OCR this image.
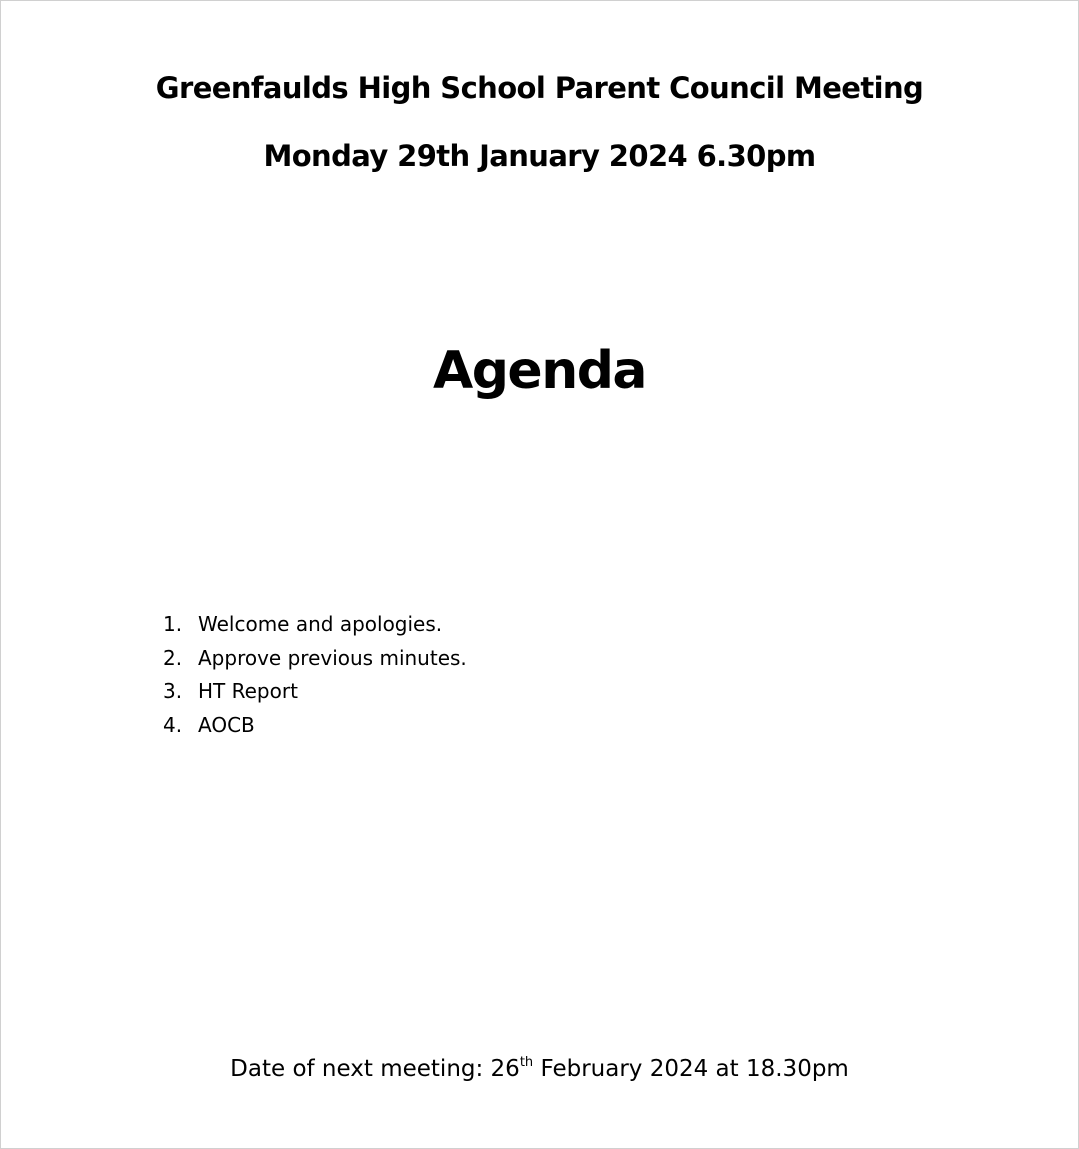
Greenfaulds High School Parent Council Meeting
Monday 29th January 2024 6.30pm
Agenda
1. Welcome and apologies.
2. Approve previous minutes.
3. HT Report
4. AOCB
Date of next meeting: 26th February 2024 at 18.30pm
